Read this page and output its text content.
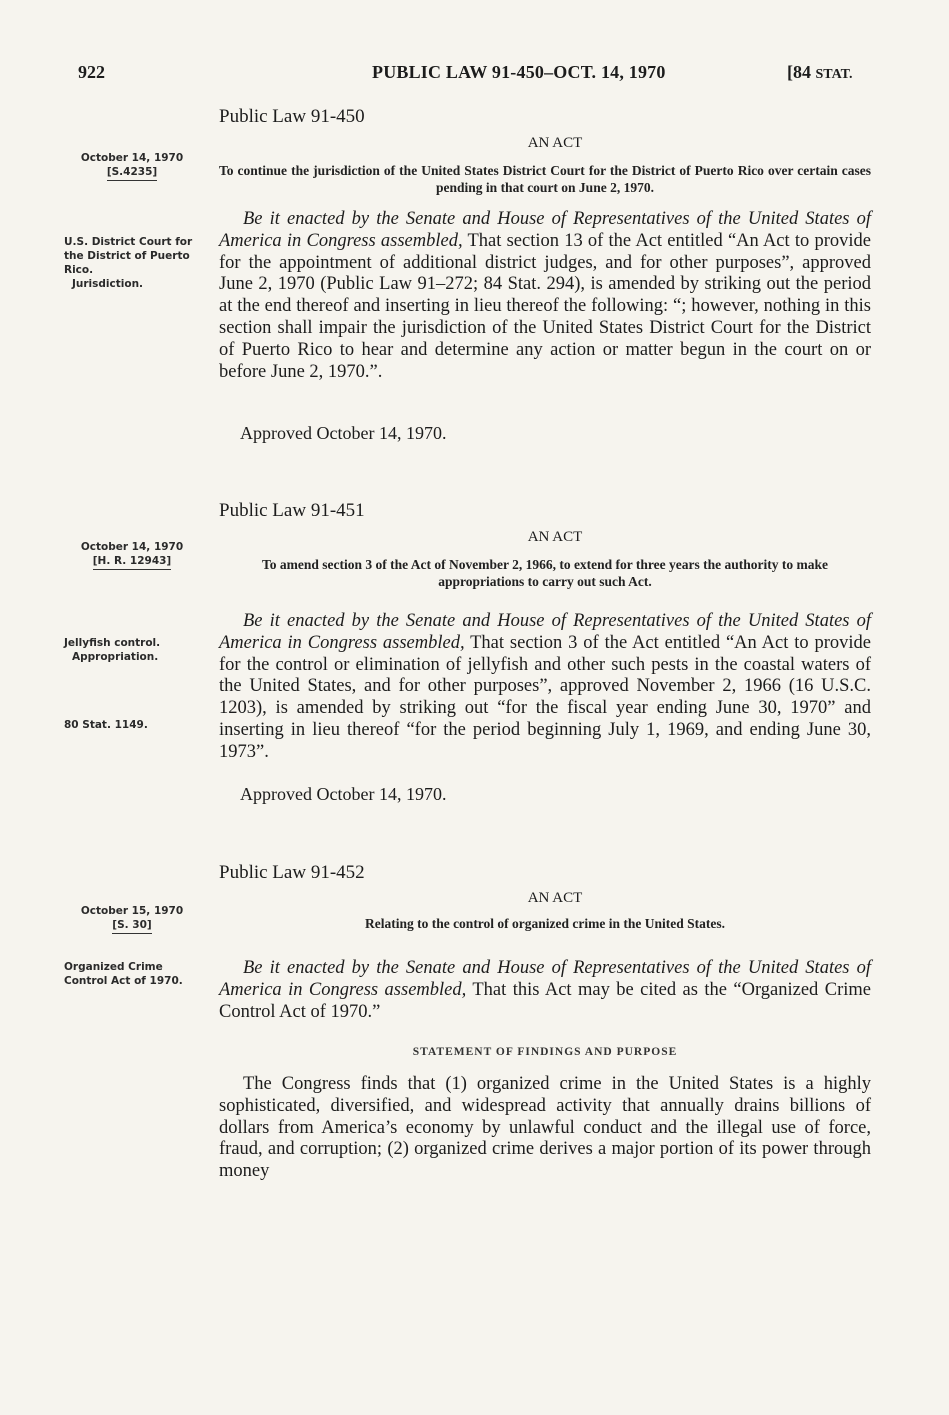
922	PUBLIC LAW 91-450–OCT. 14, 1970	[84 STAT.
Public Law 91-450
AN ACT
October 14, 1970
[S.4235]	To continue the jurisdiction of the United States District Court for the District of Puerto Rico over certain cases pending in that court on June 2, 1970.
U.S. District Court for the District of Puerto Rico.
Jurisdiction.
Be it enacted by the Senate and House of Representatives of the United States of America in Congress assembled, That section 13 of the Act entitled “An Act to provide for the appointment of additional district judges, and for other purposes”, approved June 2, 1970 (Public Law 91–272; 84 Stat. 294), is amended by striking out the period at the end thereof and inserting in lieu thereof the following: “; however, nothing in this section shall impair the jurisdiction of the United States District Court for the District of Puerto Rico to hear and determine any action or matter begun in the court on or before June 2, 1970.”.
Approved October 14, 1970.
Public Law 91-451
AN ACT
October 14, 1970
[H. R. 12943]	To amend section 3 of the Act of November 2, 1966, to extend for three years the authority to make appropriations to carry out such Act.
Jellyfish control.
Appropriation.
80 Stat. 1149.
Be it enacted by the Senate and House of Representatives of the United States of America in Congress assembled, That section 3 of the Act entitled “An Act to provide for the control or elimination of jellyfish and other such pests in the coastal waters of the United States, and for other purposes”, approved November 2, 1966 (16 U.S.C. 1203), is amended by striking out “for the fiscal year ending June 30, 1970” and inserting in lieu thereof “for the period beginning July 1, 1969, and ending June 30, 1973”.
Approved October 14, 1970.
Public Law 91-452
AN ACT
October 15, 1970
[S. 30]	Relating to the control of organized crime in the United States.
Organized Crime Control Act of 1970.
Be it enacted by the Senate and House of Representatives of the United States of America in Congress assembled, That this Act may be cited as the “Organized Crime Control Act of 1970.”
STATEMENT OF FINDINGS AND PURPOSE
The Congress finds that (1) organized crime in the United States is a highly sophisticated, diversified, and widespread activity that annually drains billions of dollars from America’s economy by unlawful conduct and the illegal use of force, fraud, and corruption; (2) organized crime derives a major portion of its power through money
